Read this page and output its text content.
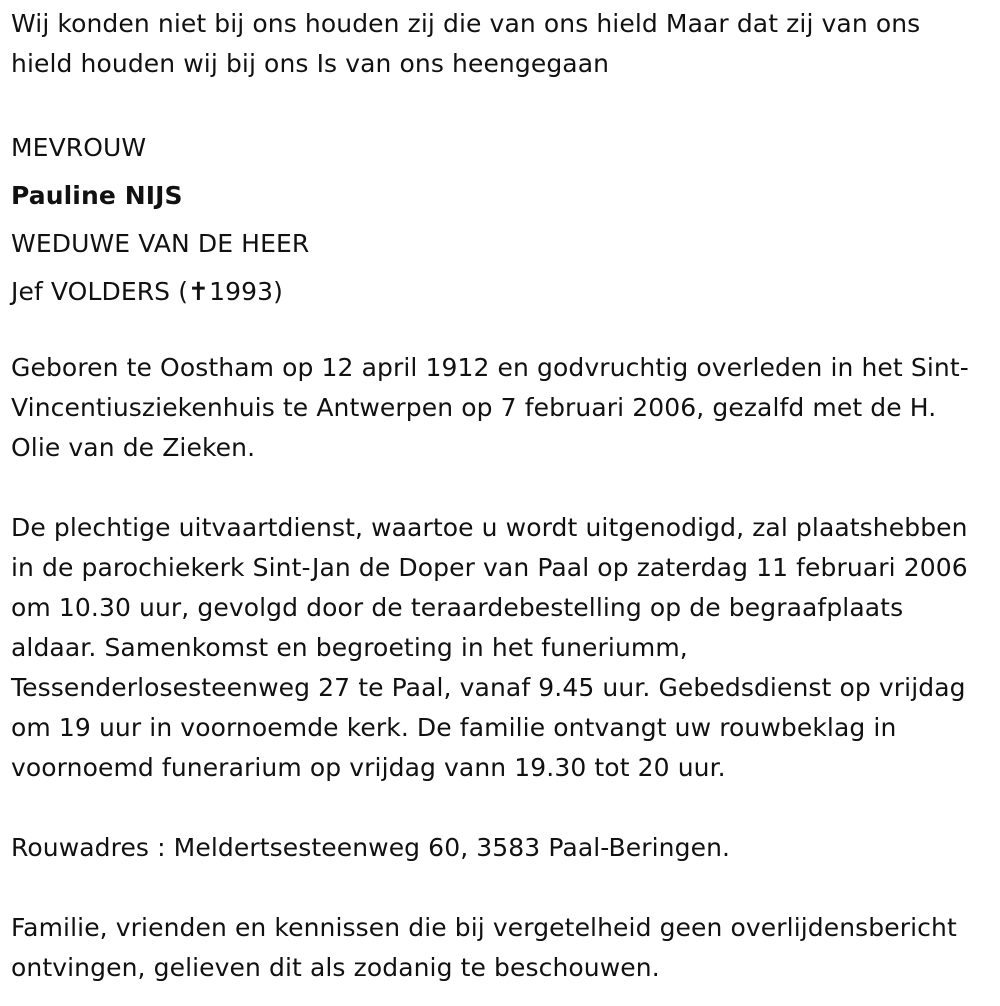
Wij konden niet bij ons houden zij die van ons hield Maar dat zij van ons hield houden wij bij ons Is van ons heengegaan

MEVROUW

Pauline NIJS

WEDUWE VAN DE HEER

Jef VOLDERS (✝1993)

Geboren te Oostham op 12 april 1912 en godvruchtig overleden in het Sint-Vincentiusziekenhuis te Antwerpen op 7 februari 2006, gezalfd met de H. Olie van de Zieken.

De plechtige uitvaartdienst, waartoe u wordt uitgenodigd, zal plaatshebben in de parochiekerk Sint-Jan de Doper van Paal op zaterdag 11 februari 2006 om 10.30 uur, gevolgd door de teraardebestelling op de begraafplaats aldaar. Samenkomst en begroeting in het funeriumm, Tessenderlosesteenweg 27 te Paal, vanaf 9.45 uur. Gebedsdienst op vrijdag om 19 uur in voornoemde kerk. De familie ontvangt uw rouwbeklag in voornoemd funerarium op vrijdag vann 19.30 tot 20 uur.

Rouwadres : Meldertsesteenweg 60, 3583 Paal-Beringen.

Familie, vrienden en kennissen die bij vergetelheid geen overlijdensbericht ontvingen, gelieven dit als zodanig te beschouwen.
